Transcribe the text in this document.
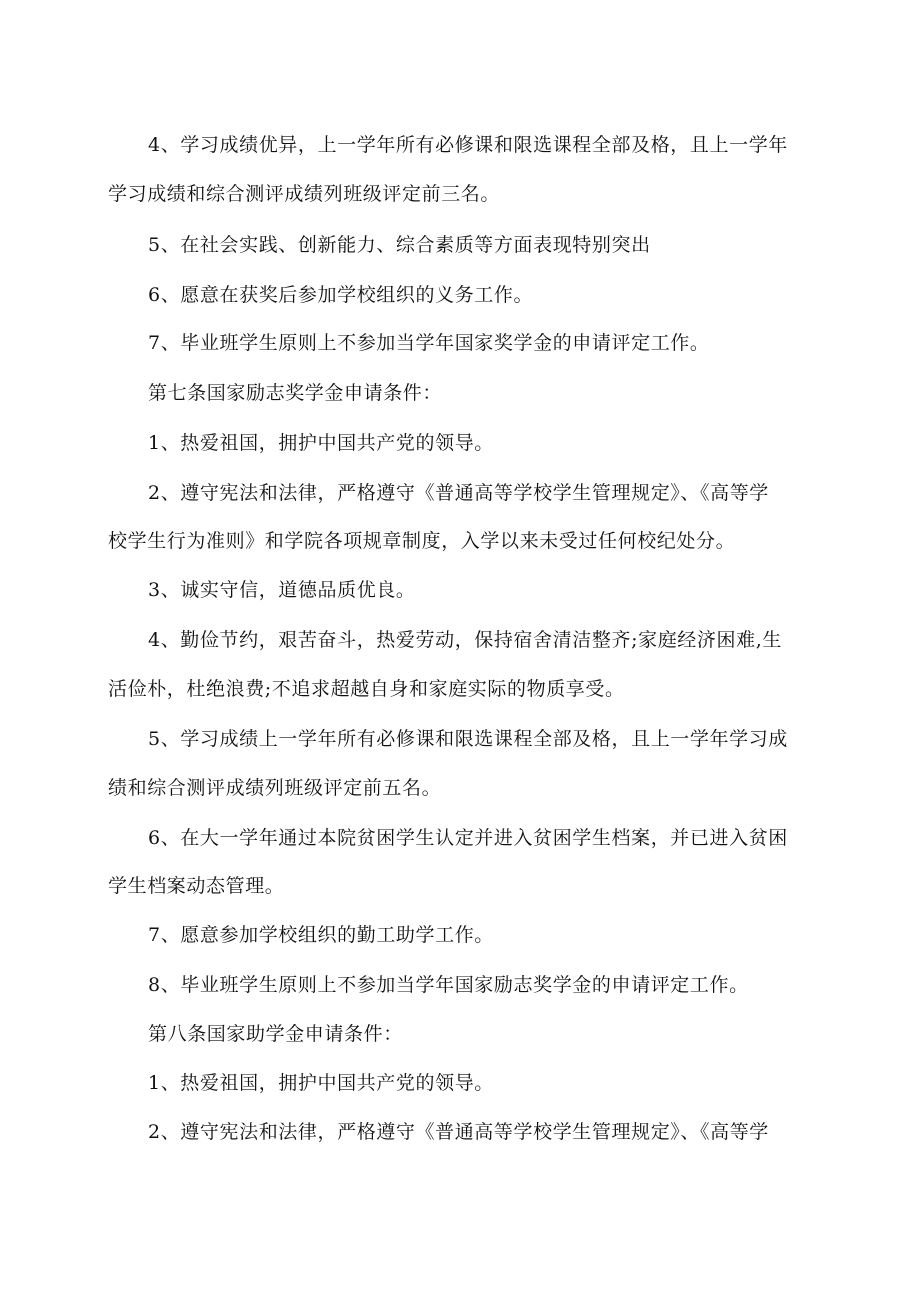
4、学习成绩优异，上一学年所有必修课和限选课程全部及格，且上一学年
学习成绩和综合测评成绩列班级评定前三名。
5、在社会实践、创新能力、综合素质等方面表现特别突出
6、愿意在获奖后参加学校组织的义务工作。
7、毕业班学生原则上不参加当学年国家奖学金的申请评定工作。
第七条国家励志奖学金申请条件：
1、热爱祖国，拥护中国共产党的领导。
2、遵守宪法和法律，严格遵守《普通高等学校学生管理规定》、《高等学
校学生行为准则》和学院各项规章制度，入学以来未受过任何校纪处分。
3、诚实守信，道德品质优良。
4、勤俭节约，艰苦奋斗，热爱劳动，保持宿舍清洁整齐;家庭经济困难,生
活俭朴，杜绝浪费;不追求超越自身和家庭实际的物质享受。
5、学习成绩上一学年所有必修课和限选课程全部及格，且上一学年学习成
绩和综合测评成绩列班级评定前五名。
6、在大一学年通过本院贫困学生认定并进入贫困学生档案，并已进入贫困
学生档案动态管理。
7、愿意参加学校组织的勤工助学工作。
8、毕业班学生原则上不参加当学年国家励志奖学金的申请评定工作。
第八条国家助学金申请条件：
1、热爱祖国，拥护中国共产党的领导。
2、遵守宪法和法律，严格遵守《普通高等学校学生管理规定》、《高等学
